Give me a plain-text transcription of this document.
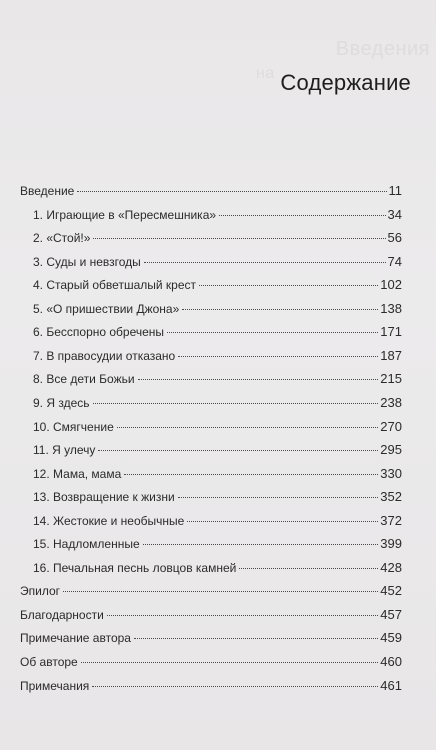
Введения
на Содержание
Введение	11
1. Играющие в «Пересмешника»	34
2. «Стой!»	56
3. Суды и невзгоды	74
4. Старый обветшалый крест	102
5. «О пришествии Джона»	138
6. Бесспорно обречены	171
7. В правосудии отказано	187
8. Все дети Божьи	215
9. Я здесь	238
10. Смягчение	270
11. Я улечу	295
12. Мама, мама	330
13. Возвращение к жизни	352
14. Жестокие и необычные	372
15. Надломленные	399
16. Печальная песнь ловцов камней	428
Эпилог	452
Благодарности	457
Примечание автора	459
Об авторе	460
Примечания	461
